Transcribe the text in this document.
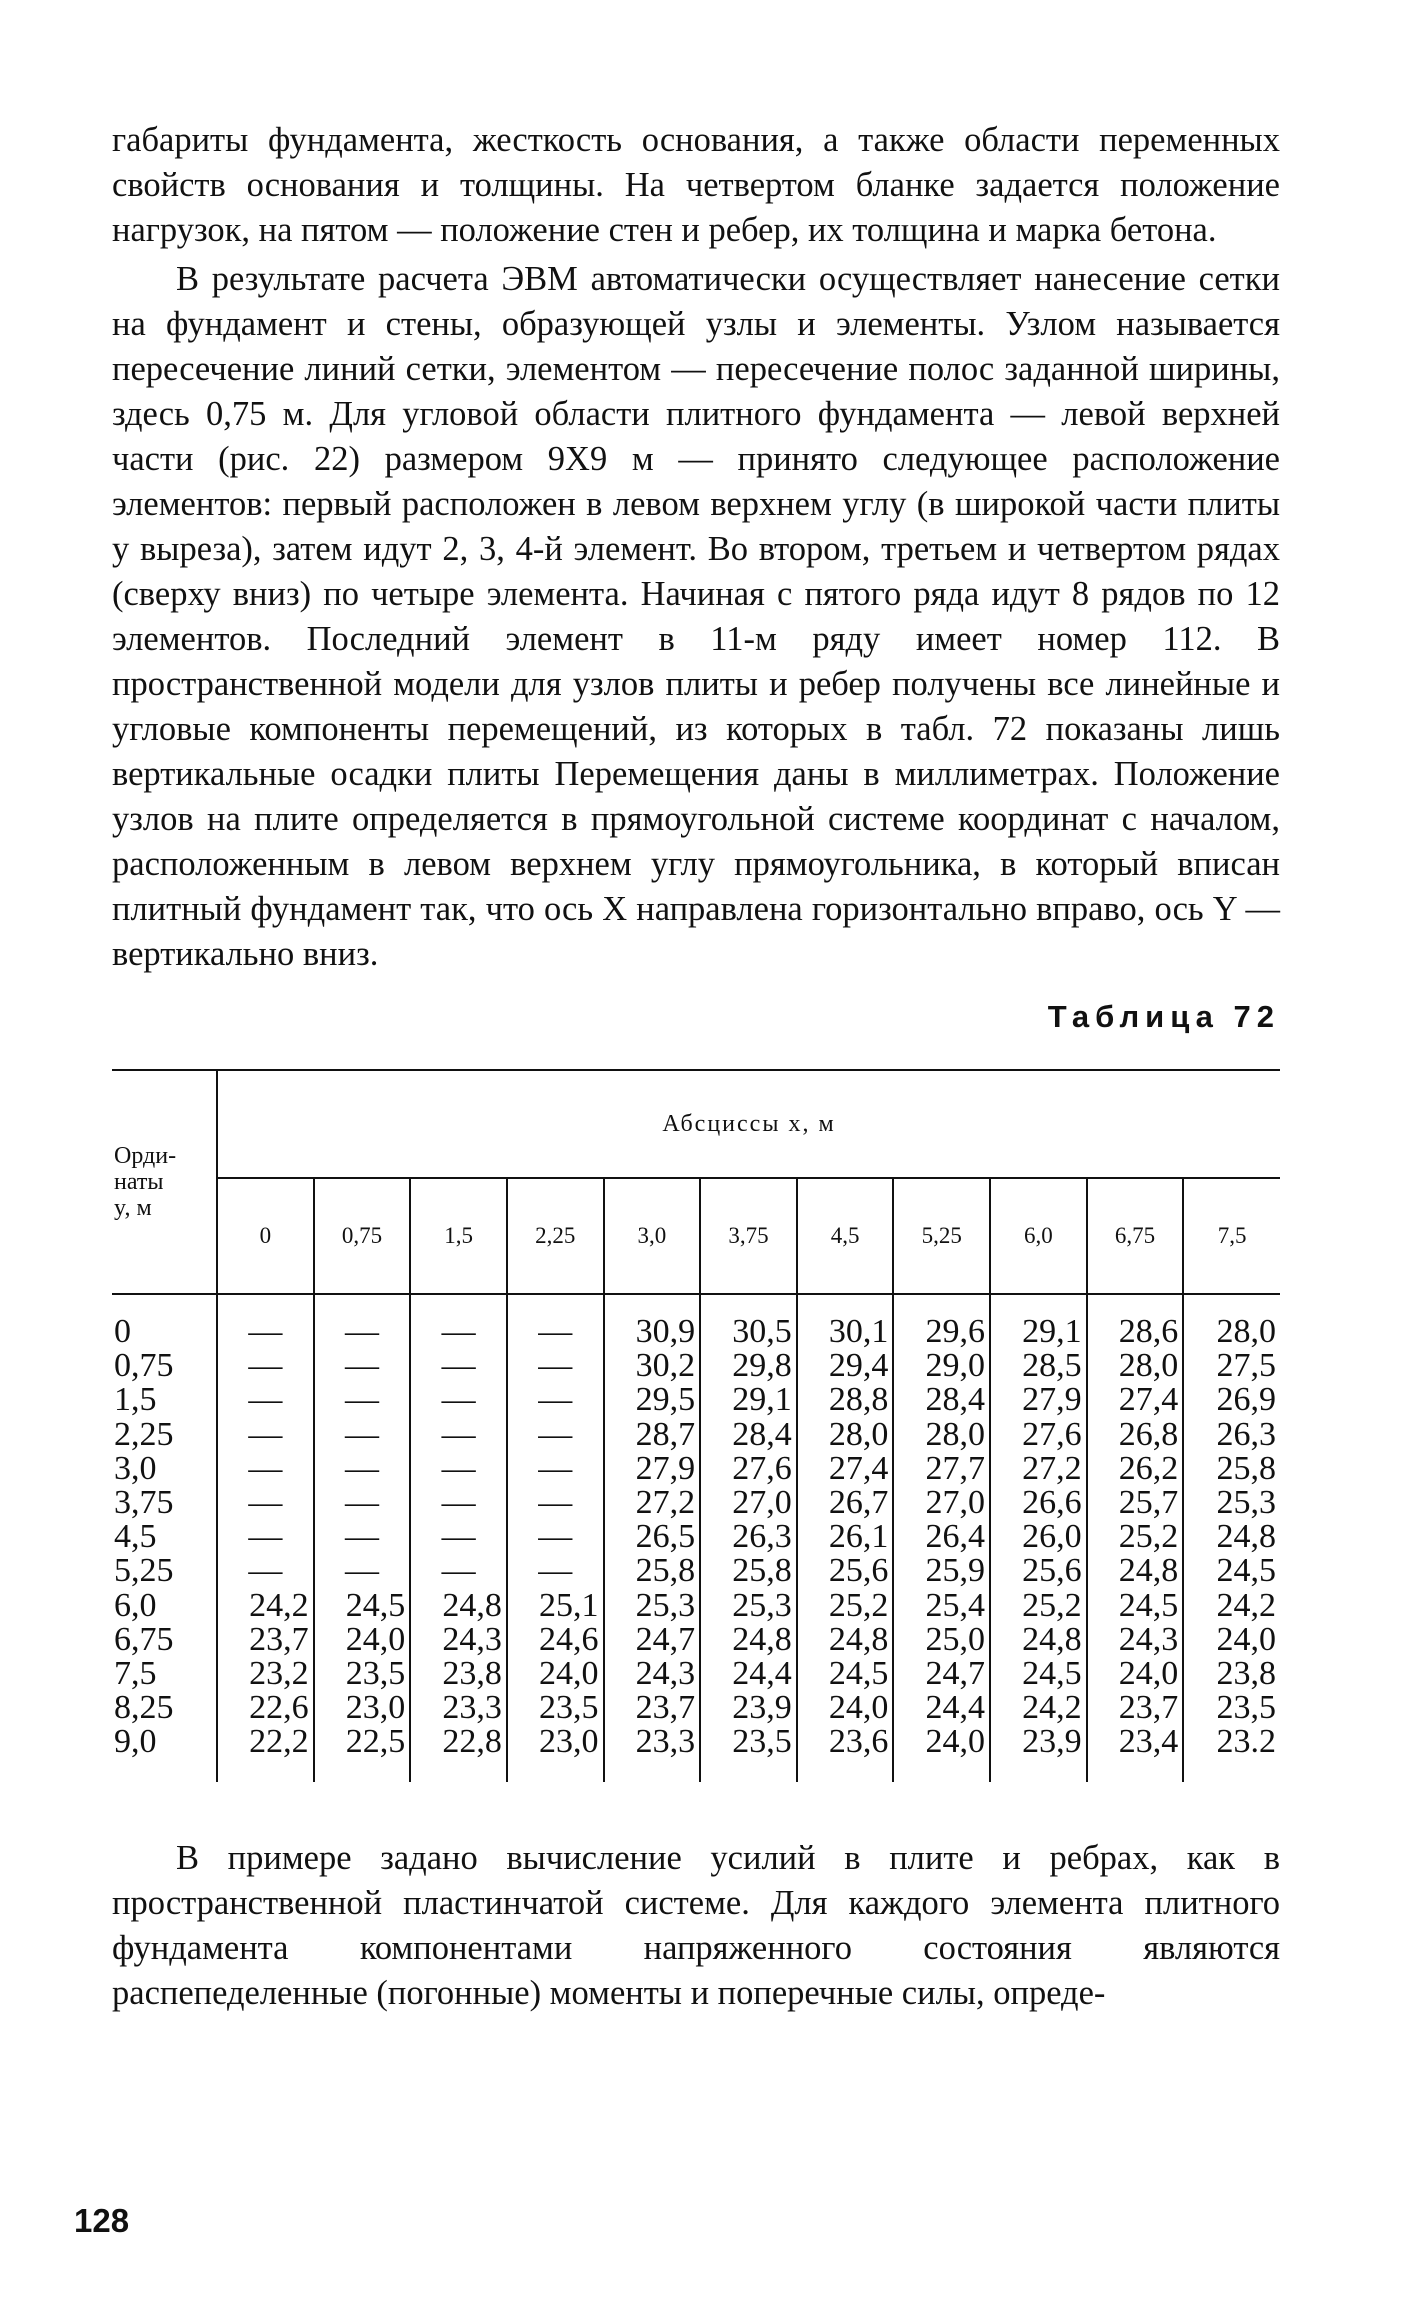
габариты фундамента, жесткость основания, а также области переменных свойств основания и толщины. На четвертом бланке задается положение нагрузок, на пятом — положение стен и ребер, их толщина и марка бетона.

В результате расчета ЭВМ автоматически осуществляет нанесение сетки на фундамент и стены, образующей узлы и элементы. Узлом называется пересечение линий сетки, элементом — пересечение полос заданной ширины, здесь 0,75 м. Для угловой области плитного фундамента — левой верхней части (рис. 22) размером 9X9 м — принято следующее расположение элементов: первый расположен в левом верхнем углу (в широкой части плиты у выреза), затем идут 2, 3, 4-й элемент. Во втором, третьем и четвертом рядах (сверху вниз) по четыре элемента. Начиная с пятого ряда идут 8 рядов по 12 элементов. Последний элемент в 11-м ряду имеет номер 112. В пространственной модели для узлов плиты и ребер получены все линейные и угловые компоненты перемещений, из которых в табл. 72 показаны лишь вертикальные осадки плиты Перемещения даны в миллиметрах. Положение узлов на плите определяется в прямоугольной системе координат с началом, расположенным в левом верхнем углу прямоугольника, в который вписан плитный фундамент так, что ось X направлена горизонтально вправо, ось Y — вертикально вниз.

Таблица 72
Орди-
наты
y, м	Абсциссы x, м										
	0	0,75	1,5	2,25	3,0	3,75	4,5	5,25	6,0	6,75	7,5
0	—	—	—	—	30,9	30,5	30,1	29,6	29,1	28,6	28,0
0,75	—	—	—	—	30,2	29,8	29,4	29,0	28,5	28,0	27,5
1,5	—	—	—	—	29,5	29,1	28,8	28,4	27,9	27,4	26,9
2,25	—	—	—	—	28,7	28,4	28,0	28,0	27,6	26,8	26,3
3,0	—	—	—	—	27,9	27,6	27,4	27,7	27,2	26,2	25,8
3,75	—	—	—	—	27,2	27,0	26,7	27,0	26,6	25,7	25,3
4,5	—	—	—	—	26,5	26,3	26,1	26,4	26,0	25,2	24,8
5,25	—	—	—	—	25,8	25,8	25,6	25,9	25,6	24,8	24,5
6,0	24,2	24,5	24,8	25,1	25,3	25,3	25,2	25,4	25,2	24,5	24,2
6,75	23,7	24,0	24,3	24,6	24,7	24,8	24,8	25,0	24,8	24,3	24,0
7,5	23,2	23,5	23,8	24,0	24,3	24,4	24,5	24,7	24,5	24,0	23,8
8,25	22,6	23,0	23,3	23,5	23,7	23,9	24,0	24,4	24,2	23,7	23,5
9,0	22,2	22,5	22,8	23,0	23,3	23,5	23,6	24,0	23,9	23,4	23.2

В примере задано вычисление усилий в плите и ребрах, как в пространственной пластинчатой системе. Для каждого элемента плитного фундамента компонентами напряженного состояния являются распепеделенные (погонные) моменты и поперечные силы, опреде-

128
